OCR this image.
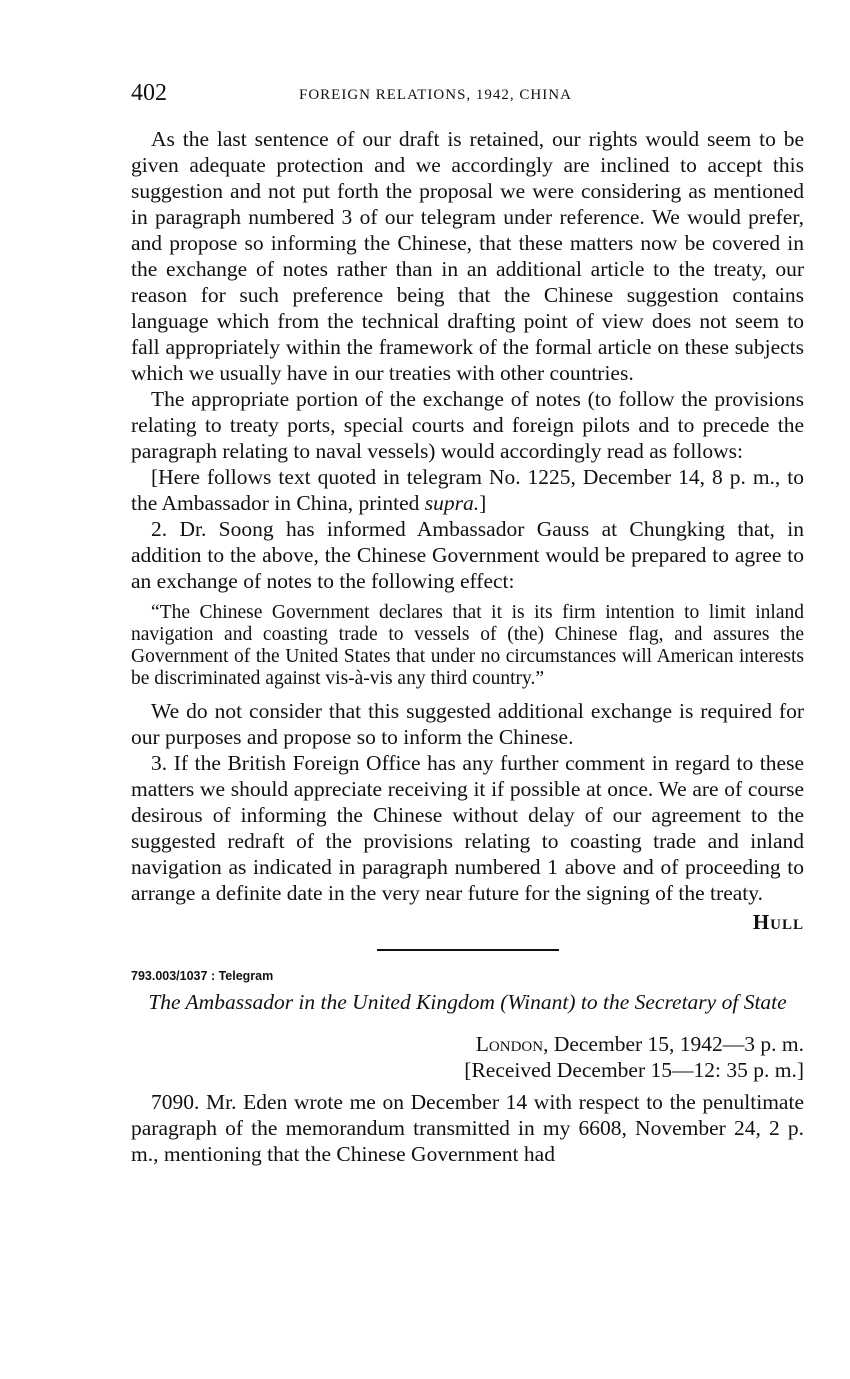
402	FOREIGN RELATIONS, 1942, CHINA

As the last sentence of our draft is retained, our rights would seem to be given adequate protection and we accordingly are inclined to accept this suggestion and not put forth the proposal we were considering as mentioned in paragraph numbered 3 of our telegram under reference. We would prefer, and propose so informing the Chinese, that these matters now be covered in the exchange of notes rather than in an additional article to the treaty, our reason for such preference being that the Chinese suggestion contains language which from the technical drafting point of view does not seem to fall appropriately within the framework of the formal article on these subjects which we usually have in our treaties with other countries.

The appropriate portion of the exchange of notes (to follow the provisions relating to treaty ports, special courts and foreign pilots and to precede the paragraph relating to naval vessels) would accordingly read as follows:

[Here follows text quoted in telegram No. 1225, December 14, 8 p. m., to the Ambassador in China, printed supra.]

2. Dr. Soong has informed Ambassador Gauss at Chungking that, in addition to the above, the Chinese Government would be prepared to agree to an exchange of notes to the following effect:

“The Chinese Government declares that it is its firm intention to limit inland navigation and coasting trade to vessels of (the) Chinese flag, and assures the Government of the United States that under no circumstances will American interests be discriminated against vis-à-vis any third country.”

We do not consider that this suggested additional exchange is required for our purposes and propose so to inform the Chinese.

3. If the British Foreign Office has any further comment in regard to these matters we should appreciate receiving it if possible at once. We are of course desirous of informing the Chinese without delay of our agreement to the suggested redraft of the provisions relating to coasting trade and inland navigation as indicated in paragraph numbered 1 above and of proceeding to arrange a definite date in the very near future for the signing of the treaty.

Hull
793.003/1037 : Telegram
The Ambassador in the United Kingdom (Winant) to the Secretary of State
London, December 15, 1942—3 p. m.
[Received December 15—12: 35 p. m.]

7090. Mr. Eden wrote me on December 14 with respect to the penultimate paragraph of the memorandum transmitted in my 6608, November 24, 2 p. m., mentioning that the Chinese Government had
